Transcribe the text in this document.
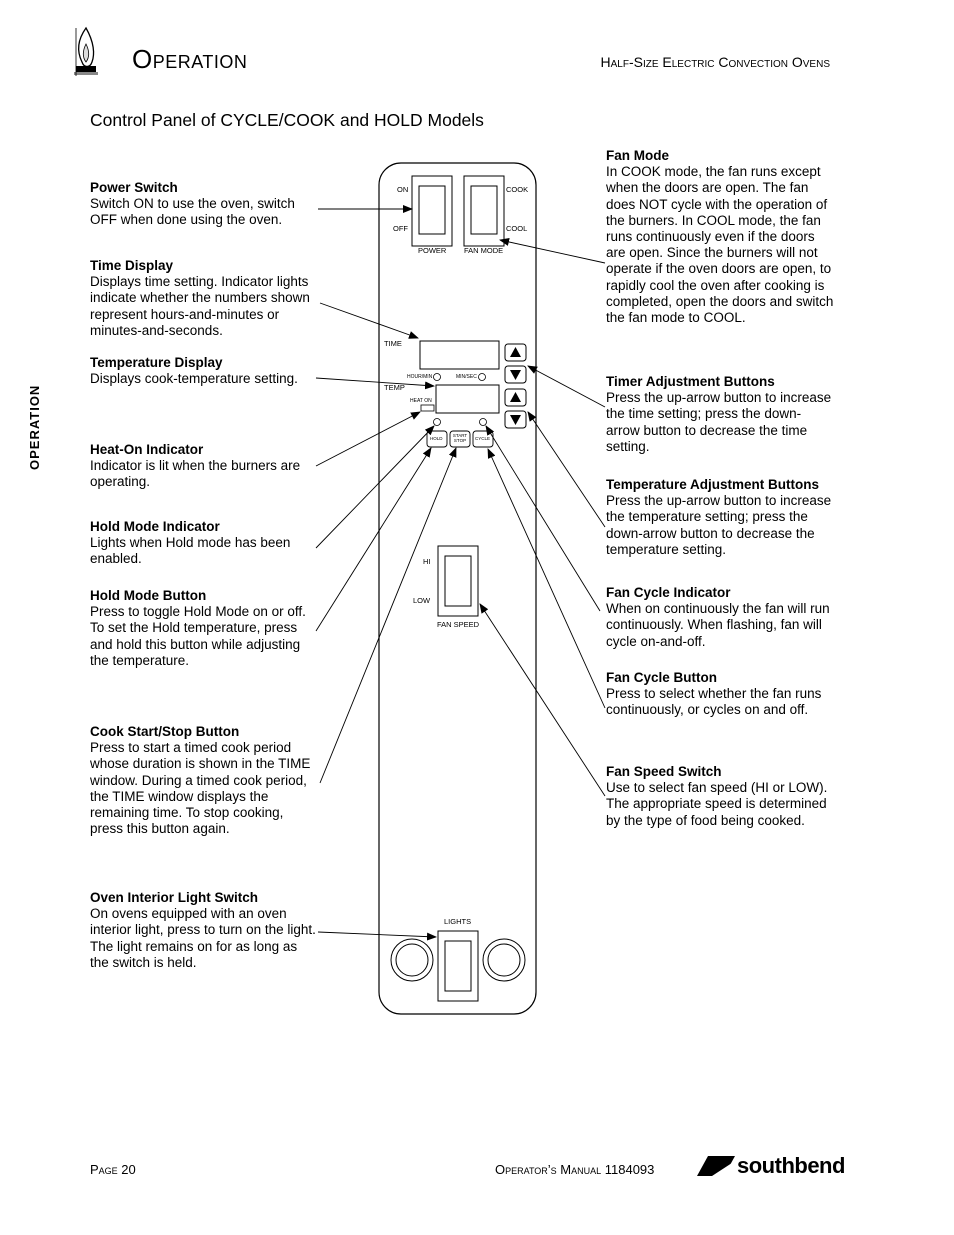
ON
OFF
POWER
COOK
COOL
FAN MODE
TIME
TEMP
HOUR/MIN	MIN/SEC
HEAT ON
HOLD
START STOP	CYCLE
HI
LOW
FAN SPEED
LIGHTS
Operation	Half-Size Electric Convection Ovens
Control Panel of CYCLE/COOK and HOLD Models
OPERATION
Power Switch
Switch ON to use the oven, switch OFF when done using the oven.
Time Display
Displays time setting. Indicator lights indicate whether the numbers shown represent hours-and-minutes or minutes-and-seconds.
Temperature Display
Displays cook-temperature setting.
Heat-On Indicator
Indicator is lit when the burners are operating.
Hold Mode Indicator
Lights when Hold mode has been enabled.
Hold Mode Button
Press to toggle Hold Mode on or off. To set the Hold temperature, press and hold this button while adjusting the temperature.
Cook Start/Stop Button
Press to start a timed cook period whose duration is shown in the TIME window. During a timed cook period, the TIME window displays the remaining time. To stop cooking, press this button again.
Oven Interior Light Switch
On ovens equipped with an oven interior light, press to turn on the light. The light remains on for as long as the switch is held.
Fan Mode
In COOK mode, the fan runs except when the doors are open. The fan does NOT cycle with the operation of the burners. In COOL mode, the fan runs continuously even if the doors are open. Since the burners will not operate if the oven doors are open, to rapidly cool the oven after cooking is completed, open the doors and switch the fan mode to COOL.
Timer Adjustment Buttons
Press the up-arrow button to increase the time setting; press the down-arrow button to decrease the time setting.
Temperature Adjustment Buttons
Press the up-arrow button to increase the temperature setting; press the down-arrow button to decrease the temperature setting.
Fan Cycle Indicator
When on continuously the fan will run continuously. When flashing, fan will cycle on-and-off.
Fan Cycle Button
Press to select whether the fan runs continuously, or cycles on and off.
Fan Speed Switch
Use to select fan speed (HI or LOW). The appropriate speed is determined by the type of food being cooked.
Page 20	Operator’s Manual 1184093	southbend
